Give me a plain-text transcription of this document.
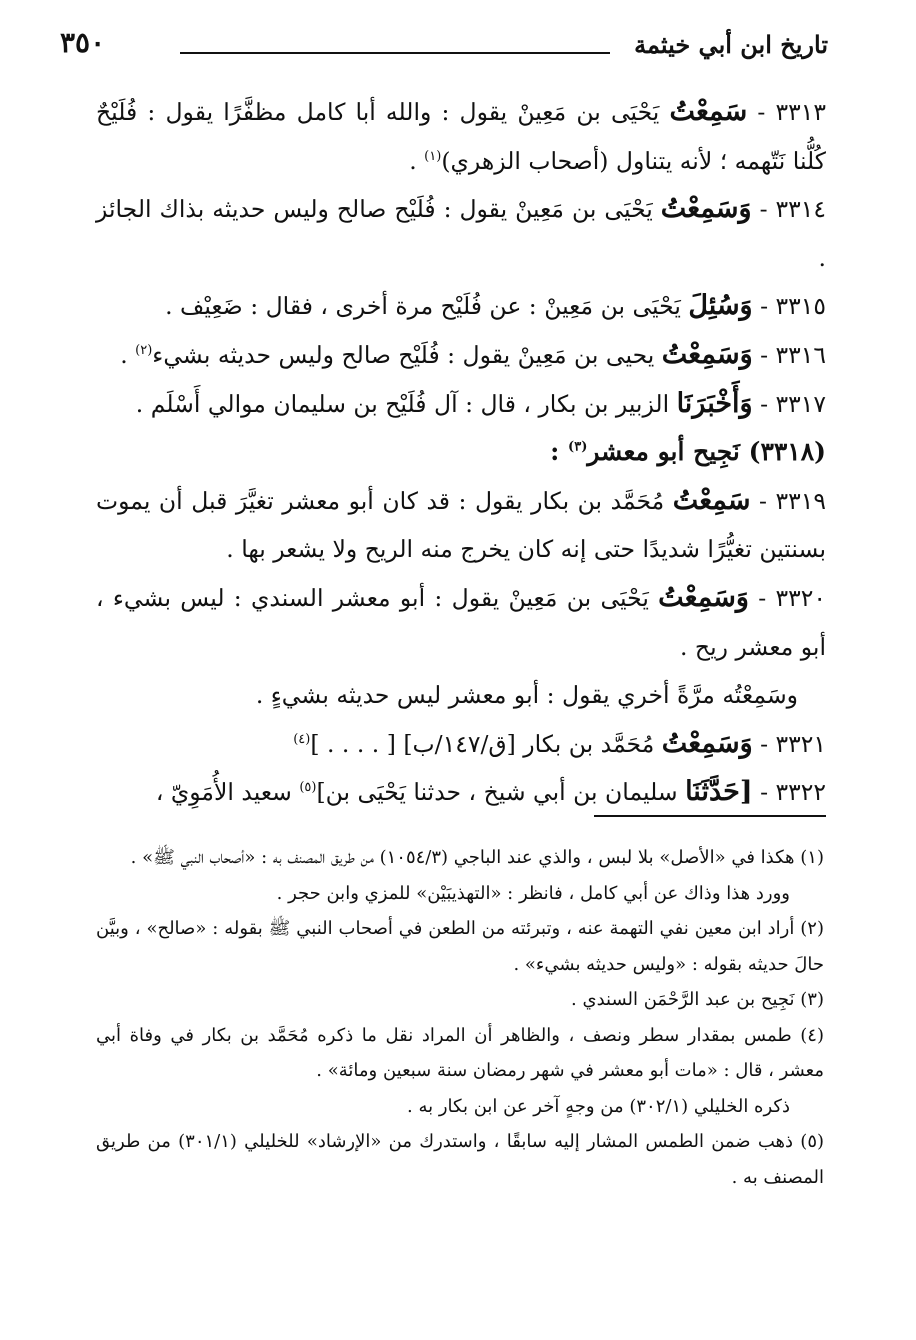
تاريخ ابن أبي خيثمة
٣٥٠

٣٣١٣ - سَمِعْتُ يَحْيَى بن مَعِينْ يقول : والله أبا كامل مظفَّرًا يقول : فُلَيْحٌ كُلُّنا نَتّهمه ؛ لأنه يتناول (أصحاب الزهري)$^{(١)}$ .

٣٣١٤ - وَسَمِعْتُ يَحْيَى بن مَعِينْ يقول : فُلَيْح صالح وليس حديثه بذاك الجائز .

٣٣١٥ - وَسُئِلَ يَحْيَى بن مَعِينْ : عن فُلَيْح مرة أخرى ، فقال : ضَعِيْف .

٣٣١٦ - وَسَمِعْتُ يحيى بن مَعِينْ يقول : فُلَيْح صالح وليس حديثه بشيء$^{(٢)}$ .

٣٣١٧ - وَأَخْبَرَنَا الزبير بن بكار ، قال : آل فُلَيْح بن سليمان موالي أَسْلَم .

(٣٣١٨) نَجِيح أبو معشر$^{(٣)}$ :

٣٣١٩ - سَمِعْتُ مُحَمَّد بن بكار يقول : قد كان أبو معشر تغيَّرَ قبل أن يموت بسنتين تغيُّرًا شديدًا حتى إنه كان يخرج منه الريح ولا يشعر بها .

٣٣٢٠ - وَسَمِعْتُ يَحْيَى بن مَعِينْ يقول : أبو معشر السندي : ليس بشيء ، أبو معشر ريح .

وسَمِعْتُه مرَّةً أخري يقول : أبو معشر ليس حديثه بشيءٍ .

٣٣٢١ - وَسَمِعْتُ مُحَمَّد بن بكار [ق/١٤٧/ب] [ . . . . ]$^{(٤)}$

٣٣٢٢ - [حَدَّثَنَا سليمان بن أبي شيخ ، حدثنا يَحْيَى بن]$^{(٥)}$ سعيد الأُمَوِيّ ،

(١) هكذا في «الأصل» بلا لبس ، والذي عند الباجي (١٠٥٤/٣) من طريق المصنف به : «أصحاب النبي ﷺ» .

وورد هذا وذاك عن أبي كامل ، فانظر : «التهذيبَيْن» للمزي وابن حجر .

(٢) أراد ابن معين نفي التهمة عنه ، وتبرئته من الطعن في أصحاب النبي ﷺ بقوله : «صالح» ، وبيَّن حالَ حديثه بقوله : «وليس حديثه بشيء» .

(٣) نَجِيح بن عبد الرَّحْمَن السندي .

(٤) طمس بمقدار سطر ونصف ، والظاهر أن المراد نقل ما ذكره مُحَمَّد بن بكار في وفاة أبي معشر ، قال : «مات أبو معشر في شهر رمضان سنة سبعين ومائة» .

ذكره الخليلي (٣٠٢/١) من وجهٍ آخر عن ابن بكار به .

(٥) ذهب ضمن الطمس المشار إليه سابقًا ، واستدرك من «الإرشاد» للخليلي (٣٠١/١) من طريق المصنف به .
